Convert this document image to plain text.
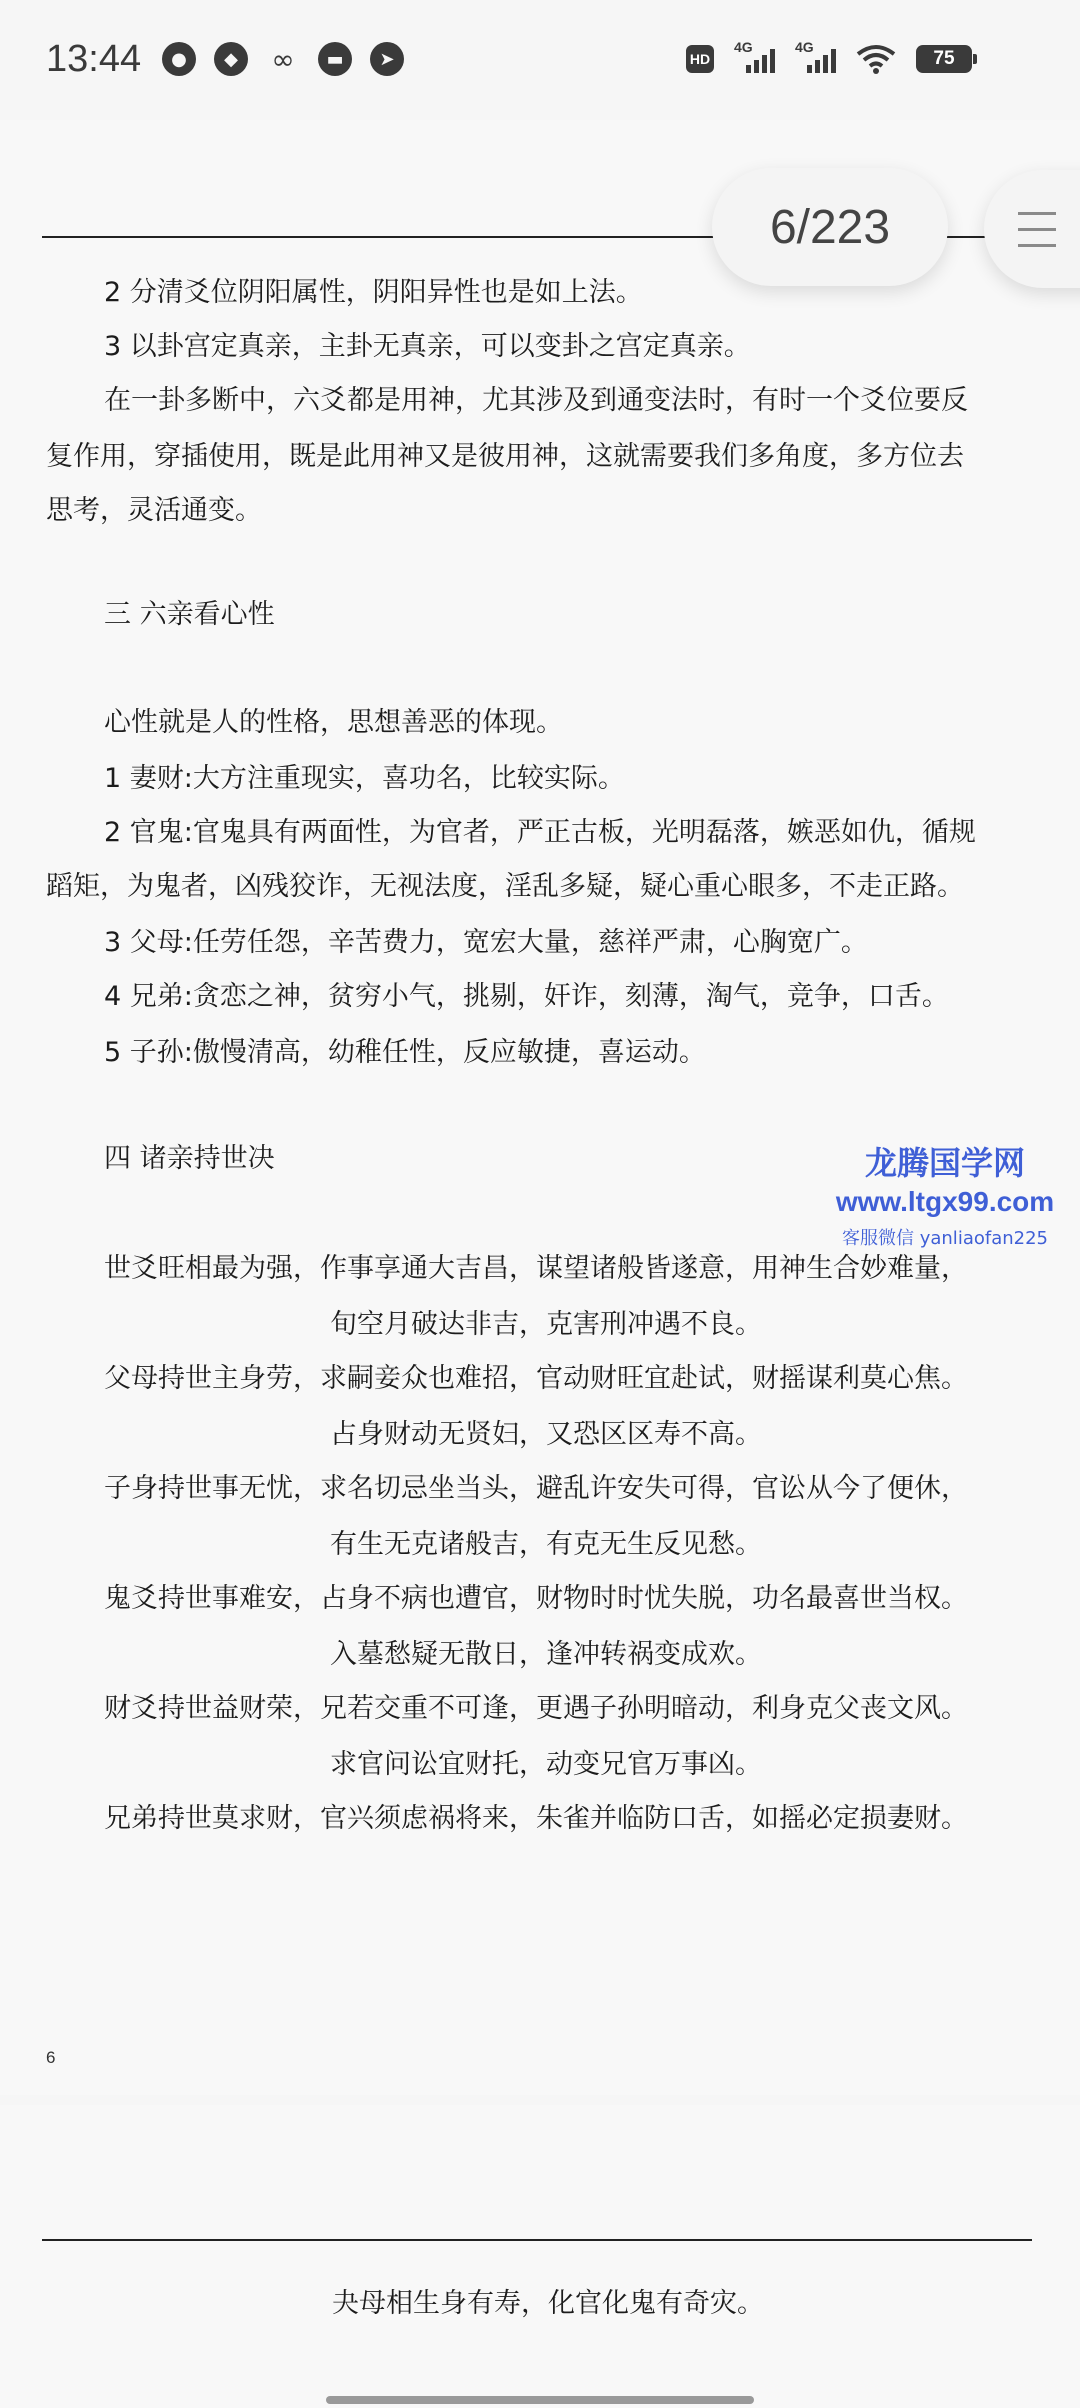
13:44	●	◆	∞	▬	➤	HD
4G	4G
75
2 分清爻位阴阳属性，阴阳异性也是如上法。
3 以卦宫定真亲，主卦无真亲，可以变卦之宫定真亲。
在一卦多断中，六爻都是用神，尤其涉及到通变法时，有时一个爻位要反
复作用，穿插使用，既是此用神又是彼用神，这就需要我们多角度，多方位去
思考，灵活通变。
三 六亲看心性
心性就是人的性格，思想善恶的体现。
1 妻财:大方注重现实，喜功名，比较实际。
2 官鬼:官鬼具有两面性，为官者，严正古板，光明磊落，嫉恶如仇，循规
蹈矩，为鬼者，凶残狡诈，无视法度，淫乱多疑，疑心重心眼多，不走正路。
3 父母:任劳任怨，辛苦费力，宽宏大量，慈祥严肃，心胸宽广。
4 兄弟:贪恋之神，贫穷小气，挑剔，奸诈，刻薄，淘气，竞争，口舌。
5 子孙:傲慢清高，幼稚任性，反应敏捷，喜运动。
四 诸亲持世决
世爻旺相最为强，作事享通大吉昌，谋望诸般皆遂意，用神生合妙难量，
旬空月破达非吉，克害刑冲遇不良。
父母持世主身劳，求嗣妾众也难招，官动财旺宜赴试，财摇谋利莫心焦。
占身财动无贤妇，又恐区区寿不高。
子身持世事无忧，求名切忌坐当头，避乱许安失可得，官讼从今了便休，
有生无克诸般吉，有克无生反见愁。
鬼爻持世事难安，占身不病也遭官，财物时时忧失脱，功名最喜世当权。
入墓愁疑无散日，逢冲转祸变成欢。
财爻持世益财荣，兄若交重不可逢，更遇子孙明暗动，利身克父丧文风。
求官问讼宜财托，动变兄官万事凶。
兄弟持世莫求财，官兴须虑祸将来，朱雀并临防口舌，如摇必定损妻财。
6
6/223
龙腾国学网
www.ltgx99.com
客服微信 yanliaofan225
夬母相生身有寿，化官化鬼有奇灾。
